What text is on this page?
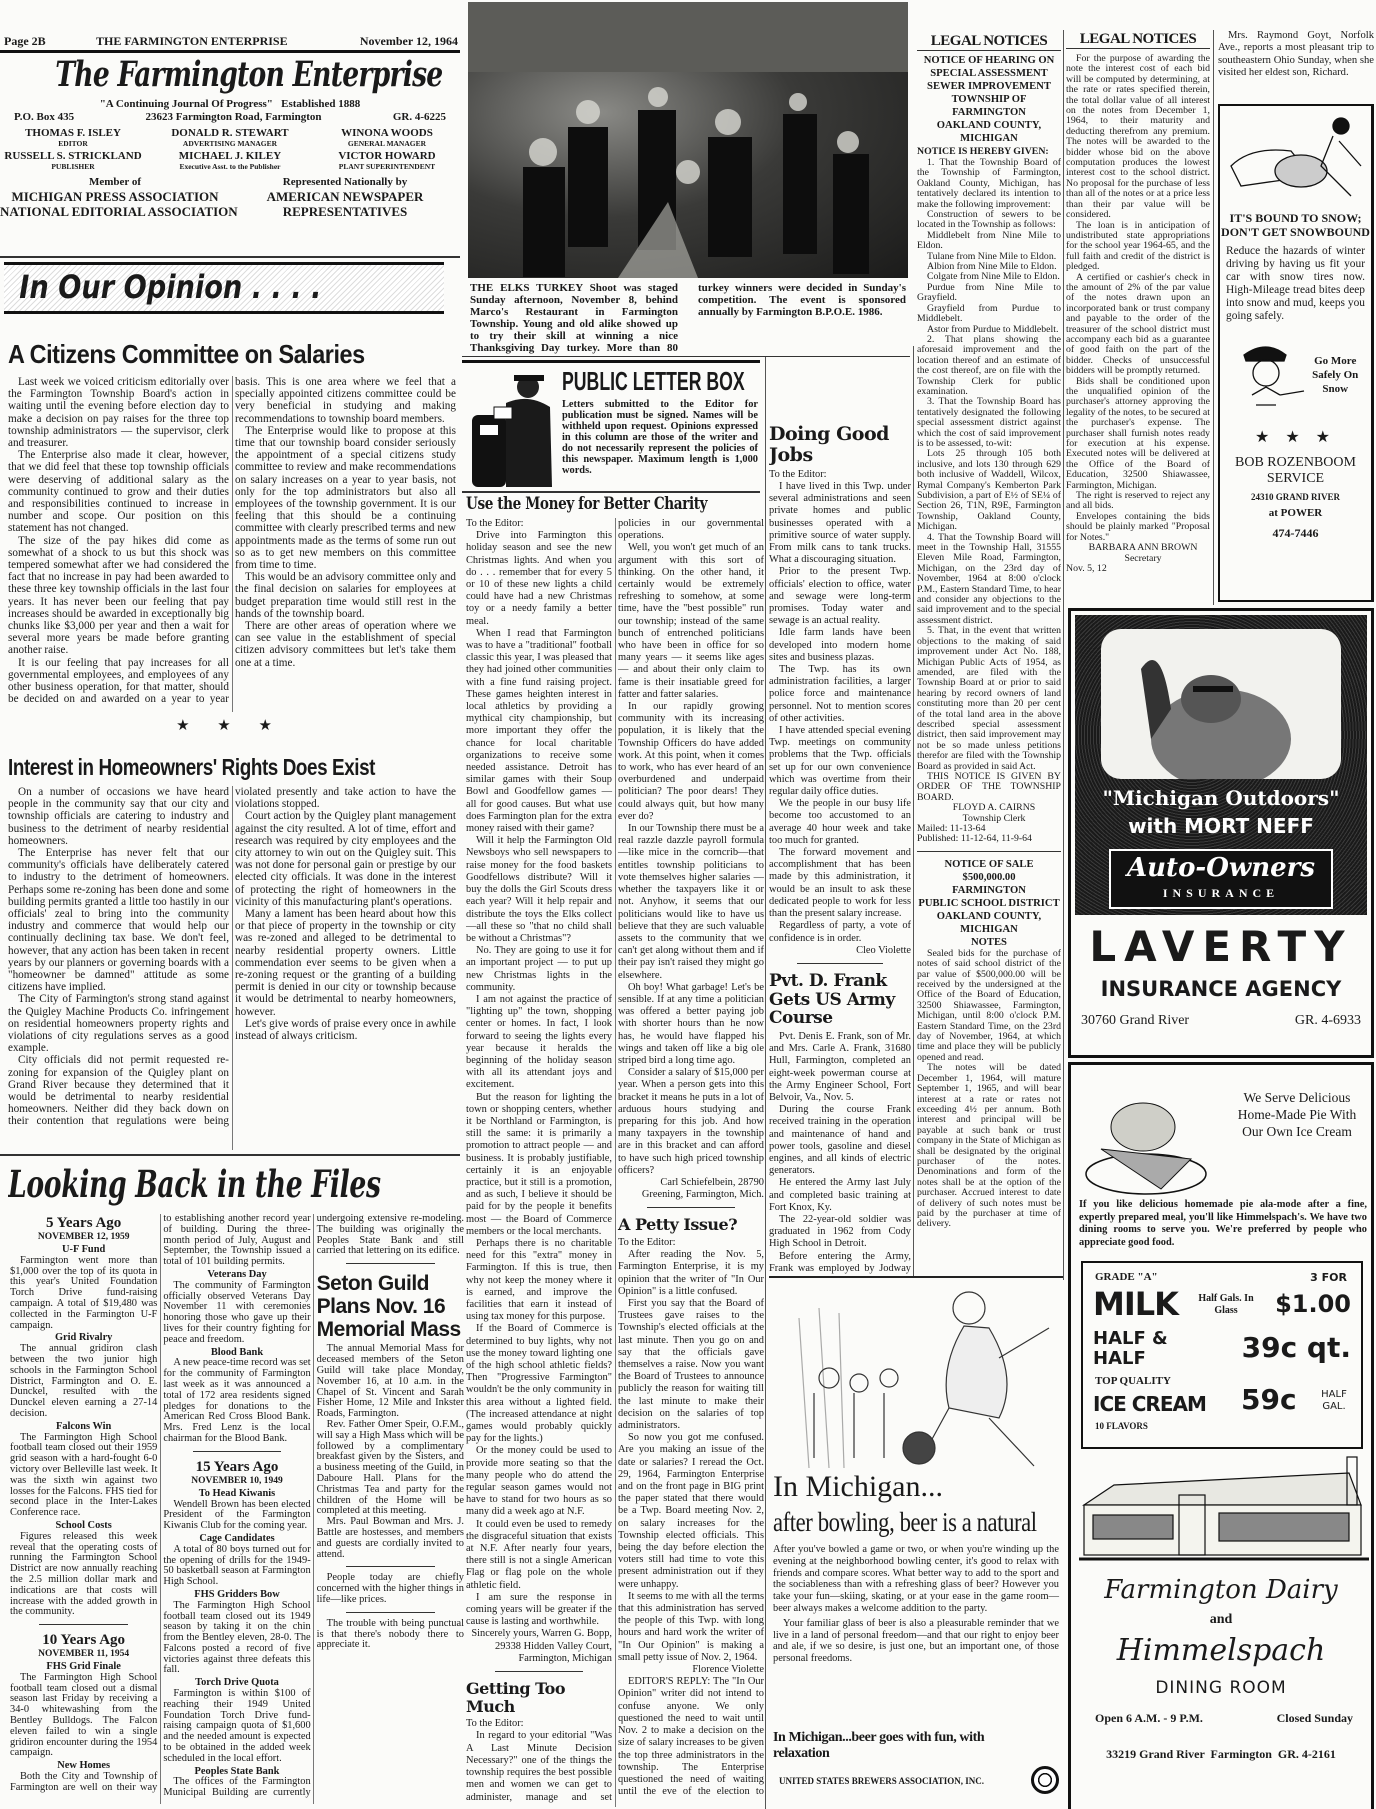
Page 2B	THE FARMINGTON ENTERPRISE	November 12, 1964
The Farmington Enterprise
"A Continuing Journal Of Progress" Established 1888
P.O. Box 435	23623 Farmington Road, Farmington	GR. 4-6225
THOMAS F. ISLEY
EDITOR
DONALD R. STEWART
ADVERTISING MANAGER
WINONA WOODS
GENERAL MANAGER
RUSSELL S. STRICKLAND
PUBLISHER
MICHAEL J. KILEY
Executive Asst. to the Publisher
VICTOR HOWARD
PLANT SUPERINTENDENT
Member of
MICHIGAN PRESS ASSOCIATION
NATIONAL EDITORIAL ASSOCIATION
Represented Nationally by
AMERICAN NEWSPAPER
REPRESENTATIVES
In Our Opinion . . . .
A Citizens Committee on Salaries

Last week we voiced criticism editorially over the Farmington Township Board's action in waiting until the evening before election day to make a decision on pay raises for the three top township administrators — the supervisor, clerk and treasurer.

The Enterprise also made it clear, however, that we did feel that these top township officials were deserving of additional salary as the community continued to grow and their duties and responsibilities continued to increase in number and scope. Our position on this statement has not changed.

The size of the pay hikes did come as somewhat of a shock to us but this shock was tempered somewhat after we had considered the fact that no increase in pay had been awarded to these three key township officials in the last four years. It has never been our feeling that pay increases should be awarded in exceptionally big chunks like $3,000 per year and then a wait for several more years be made before granting another raise.

It is our feeling that pay increases for all governmental employees, and employees of any other business operation, for that matter, should be decided on and awarded on a year to year basis. This is one area where we feel that a specially appointed citizens committee could be very beneficial in studying and making recommendations to township board members.

The Enterprise would like to propose at this time that our township board consider seriously the appointment of a special citizens study committee to review and make recommendations on salary increases on a year to year basis, not only for the top administrators but also all employees of the township government. It is our feeling that this should be a continuing committee with clearly prescribed terms and new appointments made as the terms of some run out so as to get new members on this committee from time to time.

This would be an advisory committee only and the final decision on salaries for employees at budget preparation time would still rest in the hands of the township board.

There are other areas of operation where we can see value in the establishment of special citizen advisory committees but let's take them one at a time.

★ ★ ★
Interest in Homeowners' Rights Does Exist

On a number of occasions we have heard people in the community say that our city and township officials are catering to industry and business to the detriment of nearby residential homeowners.

The Enterprise has never felt that our community's officials have deliberately catered to industry to the detriment of homeowners. Perhaps some re-zoning has been done and some building permits granted a little too hastily in our officials' zeal to bring into the community industry and commerce that would help our continually declining tax base. We don't feel, however, that any action has been taken in recent years by our planners or governing boards with a "homeowner be damned" attitude as some citizens have implied.

The City of Farmington's strong stand against the Quigley Machine Products Co. infringement on residential homeowners property rights and violations of city regulations serves as a good example.

City officials did not permit requested re-zoning for expansion of the Quigley plant on Grand River because they determined that it would be detrimental to nearby residential homeowners. Neither did they back down on their contention that regulations were being violated presently and take action to have the violations stopped.

Court action by the Quigley plant management against the city resulted. A lot of time, effort and research was required by city employees and the city attorney to win out on the Quigley suit. This was not done for personal gain or prestige by our elected city officials. It was done in the interest of protecting the right of homeowners in the vicinity of this manufacturing plant's operations.

Many a lament has been heard about how this or that piece of property in the township or city was re-zoned and alleged to be detrimental to nearby residential property owners. Little commendation ever seems to be given when a re-zoning request or the granting of a building permit is denied in our city or township because it would be detrimental to nearby homeowners, however.

Let's give words of praise every once in awhile instead of always criticism.

Looking Back in the Files
5 Years Ago
NOVEMBER 12, 1959
U-F Fund

Farmington went more than $1,000 over the top of its quota in this year's United Foundation Torch Drive fund-raising campaign. A total of $19,480 was collected in the Farmington U-F campaign.

Grid Rivalry

The annual gridiron clash between the two junior high schools in the Farmington School District, Farmington and O. E. Dunckel, resulted with the Dunckel eleven earning a 27-14 decision.

Falcons Win

The Farmington High School football team closed out their 1959 grid season with a hard-fought 6-0 victory over Belleville last week. It was the sixth win against two losses for the Falcons. FHS tied for second place in the Inter-Lakes Conference race.

School Costs

Figures released this week reveal that the operating costs of running the Farmington School District are now annually reaching the 2.5 million dollar mark and indications are that costs will increase with the added growth in the community.

10 Years Ago
NOVEMBER 11, 1954
FHS Grid Finale

The Farmington High School football team closed out a dismal season last Friday by receiving a 34-0 whitewashing from the Bentley Bulldogs. The Falcon eleven failed to win a single gridiron encounter during the 1954 campaign.

New Homes

Both the City and Township of Farmington are well on their way to establishing another record year of building. During the three-month period of July, August and September, the Township issued a total of 101 building permits.

Veterans Day

The community of Farmington officially observed Veterans Day November 11 with ceremonies honoring those who gave up their lives for their country fighting for peace and freedom.

Blood Bank

A new peace-time record was set for the community of Farmington last week as it was announced a total of 172 area residents signed pledges for donations to the American Red Cross Blood Bank. Mrs. Fred Lenz is the local chairman for the Blood Bank.

15 Years Ago
NOVEMBER 10, 1949
To Head Kiwanis

Wendell Brown has been elected President of the Farmington Kiwanis Club for the coming year.

Cage Candidates

A total of 80 boys turned out for the opening of drills for the 1949-50 basketball season at Farmington High School.

FHS Gridders Bow

The Farmington High School football team closed out its 1949 season by taking it on the chin from the Bentley eleven, 28-0. The Falcons posted a record of five victories against three defeats this fall.

Torch Drive Quota

Farmington is within $100 of reaching their 1949 United Foundation Torch Drive fund-raising campaign quota of $1,600 and the needed amount is expected to be obtained in the added week scheduled in the local effort.

Peoples State Bank

The offices of the Farmington Municipal Building are currently undergoing extensive re-modeling. The building was originally the Peoples State Bank and still carried that lettering on its edifice.

Seton Guild Plans Nov. 16 Memorial Mass

The annual Memorial Mass for deceased members of the Seton Guild will take place Monday, November 16, at 10 a.m. in the Chapel of St. Vincent and Sarah Fisher Home, 12 Mile and Inkster Roads, Farmington.

Rev. Father Omer Speir, O.F.M., will say a High Mass which will be followed by a complimentary breakfast given by the Sisters, and a business meeting of the Guild, in Daboure Hall. Plans for the Christmas Tea and party for the children of the Home will be completed at this meeting.

Mrs. Paul Bowman and Mrs. J. Battle are hostesses, and members and guests are cordially invited to attend.

People today are chiefly concerned with the higher things in life—like prices.

The trouble with being punctual is that there's nobody there to appreciate it.

THE ELKS TURKEY Shoot was staged Sunday afternoon, November 8, behind Marco's Restaurant in Farmington Township. Young and old alike showed up to try their skill at winning a nice Thanksgiving Day turkey. More than 80 turkey winners were decided in Sunday's competition. The event is sponsored annually by Farmington B.P.O.E. 1986.
PUBLIC LETTER BOX
Letters submitted to the Editor for publication must be signed. Names will be withheld upon request. Opinions expressed in this column are those of the writer and do not necessarily represent the policies of this newspaper. Maximum length is 1,000 words.
Use the Money for Better Charity
To the Editor:

Drive into Farmington this holiday season and see the new Christmas lights. And when you do . . . remember that for every 5 or 10 of these new lights a child could have had a new Christmas toy or a needy family a better meal.

When I read that Farmington was to have a "traditional" football classic this year, I was pleased that they had joined other communities with a fine fund raising project. These games heighten interest in local athletics by providing a mythical city championship, but more important they offer the chance for local charitable organizations to receive some needed assistance. Detroit has similar games with their Soup Bowl and Goodfellow games — all for good causes. But what use does Farmington plan for the extra money raised with their game?

Will it help the Farmington Old Newsboys who sell newspapers to raise money for the food baskets Goodfellows distribute? Will it buy the dolls the Girl Scouts dress each year? Will it help repair and distribute the toys the Elks collect—all these so "that no child shall be without a Christmas"?

No. They are going to use it for an important project — to put up new Christmas lights in the community.

I am not against the practice of "lighting up" the town, shopping center or homes. In fact, I look forward to seeing the lights every year because it heralds the beginning of the holiday season with all its attendant joys and excitement.

But the reason for lighting the town or shopping centers, whether it be Northland or Farmington, is still the same: it is primarily a promotion to attract people — and business. It is probably justifiable, certainly it is an enjoyable practice, but it still is a promotion, and as such, I believe it should be paid for by the people it benefits most — the Board of Commerce members or the local merchants.

Perhaps there is no charitable need for this "extra" money in Farmington. If this is true, then why not keep the money where it is earned, and improve the facilities that earn it instead of using tax money for this purpose.

If the Board of Commerce is determined to buy lights, why not use the money toward lighting one of the high school athletic fields? Then "Progressive Farmington" wouldn't be the only community in this area without a lighted field. (The increased attendance at night games would probably quickly pay for the lights.)

Or the money could be used to provide more seating so that the many people who do attend the regular season games would not have to stand for two hours as so many did a week ago at N.F.

It could even be used to remedy the disgraceful situation that exists at N.F. After nearly four years, there still is not a single American Flag or flag pole on the whole athletic field.

I am sure the response in coming years will be greater if the cause is lasting and worthwhile.

Sincerely yours, Warren G. Bopp, 29338 Hidden Valley Court, Farmington, Michigan

Getting Too Much
To the Editor:

In regard to your editorial "Was A Last Minute Decision Necessary?" one of the things the township requires the best possible men and women we can get to administer, manage and set policies in our governmental operations.

Well, you won't get much of an argument with this sort of thinking. On the other hand, it certainly would be extremely refreshing to somehow, at some time, have the "best possible" run our township; instead of the same bunch of entrenched politicians who have been in office for so many years — it seems like ages — and about their only claim to fame is their insatiable greed for fatter and fatter salaries.

In our rapidly growing community with its increasing population, it is likely that the Township Officers do have added work. At this point, when it comes to work, who has ever heard of an overburdened and underpaid politician? The poor dears! They could always quit, but how many ever do?

In our Township there must be a real razzle dazzle payroll formula—like mice in the corncrib—that entitles township politicians to vote themselves higher salaries — whether the taxpayers like it or not. Anyhow, it seems that our politicians would like to have us believe that they are such valuable assets to the community that we can't get along without them and if their pay isn't raised they might go elsewhere.

Oh boy! What garbage! Let's be sensible. If at any time a politician was offered a better paying job with shorter hours than he now has, he would have flapped his wings and taken off like a big ole striped bird a long time ago.

Consider a salary of $15,000 per year. When a person gets into this bracket it means he puts in a lot of arduous hours studying and preparing for this job. And how many taxpayers in the township are in this bracket and can afford to have such high priced township officers?

Carl Schiefelbein, 28790 Greening, Farmington, Mich.

A Petty Issue?
To the Editor:

After reading the Nov. 5, Farmington Enterprise, it is my opinion that the writer of "In Our Opinion" is a little confused.

First you say that the Board of Trustees gave raises to the Township's elected officials at the last minute. Then you go on and say that the officials gave themselves a raise. Now you want the Board of Trustees to announce publicly the reason for waiting till the last minute to make their decision on the salaries of top administrators.

So now you got me confused. Are you making an issue of the date or salaries? I reread the Oct. 29, 1964, Farmington Enterprise and on the front page in BIG print the paper stated that there would be a Twp. Board meeting Nov. 2, on salary increases for the Township elected officials. This being the day before election the voters still had time to vote this present administration out if they were unhappy.

It seems to me with all the terms that this administration has served the people of this Twp. with long hours and hard work the writer of "In Our Opinion" is making a small petty issue of Nov. 2, 1964.

Florence Violette

EDITOR'S REPLY: The "In Our Opinion" writer did not intend to confuse anyone. We only questioned the need to wait until Nov. 2 to make a decision on the size of salary increases to be given the top three administrators in the township. The Enterprise questioned the need of waiting until the eve of the election to

Doing Good Jobs
To the Editor:

I have lived in this Twp. under several administrations and seen private homes and public businesses operated with a primitive source of water supply. From milk cans to tank trucks. What a discouraging situation.

Prior to the present Twp. officials' election to office, water and sewage were long-term promises. Today water and sewage is an actual reality.

Idle farm lands have been developed into modern home sites and business plazas.

The Twp. has its own administration facilities, a larger police force and maintenance personnel. Not to mention scores of other activities.

I have attended special evening Twp. meetings on community problems that the Twp. officials set up for our own convenience which was overtime from their regular daily office duties.

We the people in our busy life become too accustomed to an average 40 hour week and take too much for granted.

The forward movement and accomplishment that has been made by this administration, it would be an insult to ask these dedicated people to work for less than the present salary increase.

Regardless of party, a vote of confidence is in order.

Cleo Violette

Pvt. D. Frank Gets US Army Course

Pvt. Denis E. Frank, son of Mr. and Mrs. Carle A. Frank, 31680 Hull, Farmington, completed an eight-week powerman course at the Army Engineer School, Fort Belvoir, Va., Nov. 5.

During the course Frank received training in the operation and maintenance of hand and power tools, gasoline and diesel engines, and all kinds of electric generators.

He entered the Army last July and completed basic training at Fort Knox, Ky.

The 22-year-old soldier was graduated in 1962 from Cody High School in Detroit.

Before entering the Army, Frank was employed by Jodway

In Michigan...
after bowling, beer is a natural

After you've bowled a game or two, or when you're winding up the evening at the neighborhood bowling center, it's good to relax with friends and compare scores. What better way to add to the sport and the sociableness than with a refreshing glass of beer? However you take your fun—skiing, skating, or at your ease in the game room—beer always makes a welcome addition to the party.

Your familiar glass of beer is also a pleasurable reminder that we live in a land of personal freedom—and that our right to enjoy beer and ale, if we so desire, is just one, but an important one, of those personal freedoms.

In Michigan...beer goes with fun, with relaxation
UNITED STATES BREWERS ASSOCIATION, INC.
LEGAL NOTICES	LEGAL NOTICES
NOTICE OF HEARING ON
SPECIAL ASSESSMENT
SEWER IMPROVEMENT
TOWNSHIP OF FARMINGTON
OAKLAND COUNTY,
MICHIGAN
NOTICE IS HEREBY GIVEN:

1. That the Township Board of the Township of Farmington, Oakland County, Michigan, has tentatively declared its intention to make the following improvement:

Construction of sewers to be located in the Township as follows:

Middlebelt from Nine Mile to Eldon.

Tulane from Nine Mile to Eldon.

Albion from Nine Mile to Eldon.

Colgate from Nine Mile to Eldon.

Purdue from Nine Mile to Grayfield.

Grayfield from Purdue to Middlebelt.

Astor from Purdue to Middlebelt.

2. That plans showing the aforesaid improvement and the location thereof and an estimate of the cost thereof, are on file with the Township Clerk for public examination.

3. That the Township Board has tentatively designated the following special assessment district against which the cost of said improvement is to be assessed, to-wit:

Lots 25 through 105 both inclusive, and lots 130 through 629 both inclusive of Waddell, Wilcox, Rymal Company's Kemberton Park Subdivision, a part of E½ of SE¼ of Section 26, T1N, R9E, Farmington Township, Oakland County, Michigan.

4. That the Township Board will meet in the Township Hall, 31555 Eleven Mile Road, Farmington, Michigan, on the 23rd day of November, 1964 at 8:00 o'clock P.M., Eastern Standard Time, to hear and consider any objections to the said improvement and to the special assessment district.

5. That, in the event that written objections to the making of said improvement under Act No. 188, Michigan Public Acts of 1954, as amended, are filed with the Township Board at or prior to said hearing by record owners of land constituting more than 20 per cent of the total land area in the above described special assessment district, then said improvement may not be so made unless petitions therefor are filed with the Township Board as provided in said Act.

THIS NOTICE IS GIVEN BY ORDER OF THE TOWNSHIP BOARD.

FLOYD A. CAIRNS

Township Clerk

Mailed: 11-13-64

Published: 11-12-64, 11-9-64

NOTICE OF SALE
$500,000.00
FARMINGTON
PUBLIC SCHOOL DISTRICT
OAKLAND COUNTY,
MICHIGAN
NOTES

Sealed bids for the purchase of notes of said school district of the par value of $500,000.00 will be received by the undersigned at the Office of the Board of Education, 32500 Shiawassee, Farmington, Michigan, until 8:00 o'clock P.M. Eastern Standard Time, on the 23rd day of November, 1964, at which time and place they will be publicly opened and read.

The notes will be dated December 1, 1964, will mature September 1, 1965, and will bear interest at a rate or rates not exceeding 4½ per annum. Both interest and principal will be payable at such bank or trust company in the State of Michigan as shall be designated by the original purchaser of the notes. Denominations and form of the notes shall be at the option of the purchaser. Accrued interest to date of delivery of such notes must be paid by the purchaser at time of delivery.

For the purpose of awarding the note the interest cost of each bid will be computed by determining, at the rate or rates specified therein, the total dollar value of all interest on the notes from December 1, 1964, to their maturity and deducting therefrom any premium. The notes will be awarded to the bidder whose bid on the above computation produces the lowest interest cost to the school district. No proposal for the purchase of less than all of the notes or at a price less than their par value will be considered.

The loan is in anticipation of undistributed state appropriations for the school year 1964-65, and the full faith and credit of the district is pledged.

A certified or cashier's check in the amount of 2% of the par value of the notes drawn upon an incorporated bank or trust company and payable to the order of the treasurer of the school district must accompany each bid as a guarantee of good faith on the part of the bidder. Checks of unsuccessful bidders will be promptly returned.

Bids shall be conditioned upon the unqualified opinion of the purchaser's attorney approving the legality of the notes, to be secured at the purchaser's expense. The purchaser shall furnish notes ready for execution at his expense. Executed notes will be delivered at the Office of the Board of Education, 32500 Shiawassee, Farmington, Michigan.

The right is reserved to reject any and all bids.

Envelopes containing the bids should be plainly marked "Proposal for Notes."

BARBARA ANN BROWN

Secretary

Nov. 5, 12

Mrs. Raymond Goyt, Norfolk Ave., reports a most pleasant trip to southeastern Ohio Sunday, when she visited her eldest son, Richard.
IT'S BOUND TO SNOW;
DON'T GET SNOWBOUND
Reduce the hazards of winter driving by having us fit your car with snow tires now. High-Mileage tread bites deep into snow and mud, keeps you going safely.
Go More Safely On Snow
★ ★ ★
BOB ROZENBOOM
SERVICE
24310 GRAND RIVER
at POWER
474-7446
"Michigan Outdoors"
with MORT NEFF
Auto-Owners
INSURANCE
LAVERTY
INSURANCE AGENCY
30760 Grand River	GR. 4-6933
We Serve Delicious Home-Made Pie With Our Own Ice Cream
If you like delicious homemade pie ala-mode after a fine, expertly prepared meal, you'll like Himmelspach's. We have two dining rooms to serve you. We're preferred by people who appreciate good food.
GRADE "A"	3 FOR
MILK	Half Gals. In Glass	$1.00
HALF & HALF	39c qt.
TOP QUALITY
ICE CREAM
10 FLAVORS
59c	HALF GAL.
Farmington Dairy
and
Himmelspach
DINING ROOM
Open 6 A.M. - 9 P.M.	Closed Sunday
33219 Grand River  Farmington  GR. 4-2161
